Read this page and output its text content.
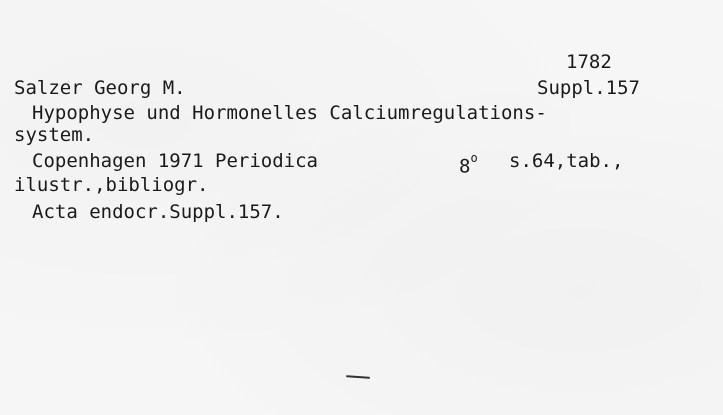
1782
Salzer Georg M.	Suppl.157
Hypophyse und Hormonelles Calciumregulations-
system.
Copenhagen 1971 Periodica	8$^o$ s.64,tab.,
ilustr.,bibliogr.
Acta endocr.Suppl.157.
